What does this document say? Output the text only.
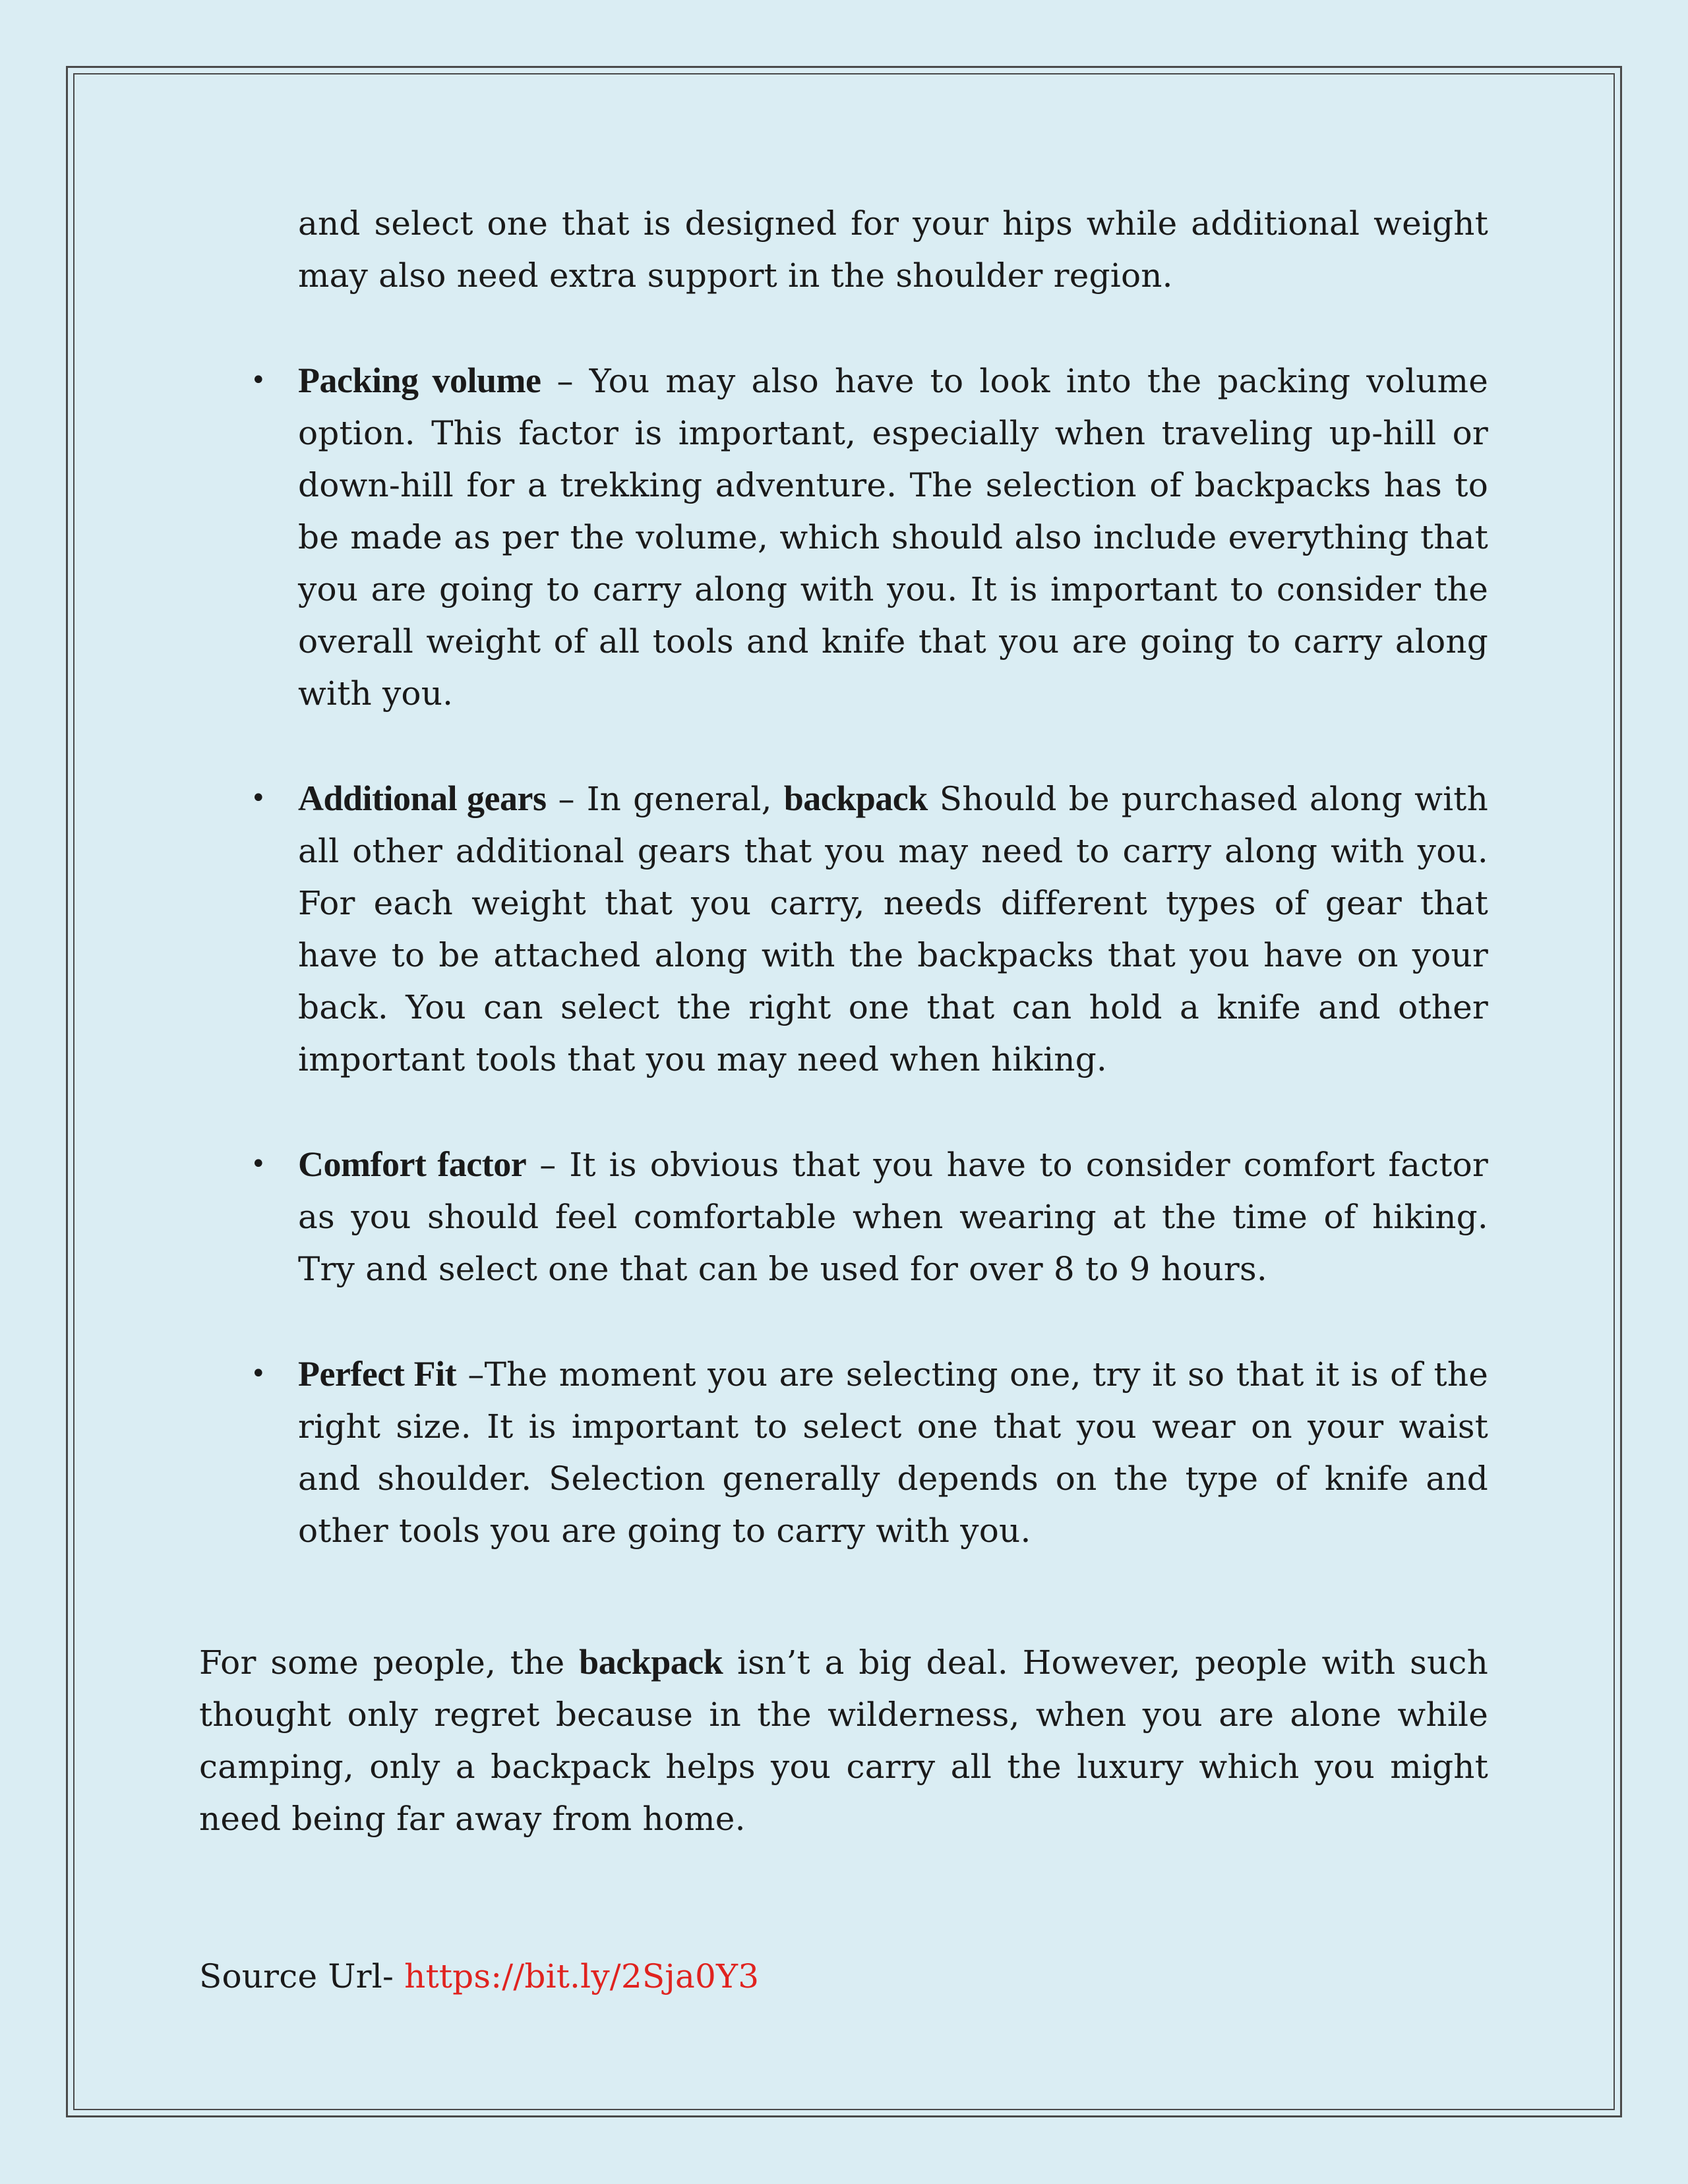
and select one that is designed for your hips while additional weight may also need extra support in the shoulder region.

• Packing volume – You may also have to look into the packing volume option. This factor is important, especially when traveling up-hill or down-hill for a trekking adventure. The selection of backpacks has to be made as per the volume, which should also include everything that you are going to carry along with you. It is important to consider the overall weight of all tools and knife that you are going to carry along with you.
• Additional gears – In general, backpack Should be purchased along with all other additional gears that you may need to carry along with you. For each weight that you carry, needs different types of gear that have to be attached along with the backpacks that you have on your back. You can select the right one that can hold a knife and other important tools that you may need when hiking.
• Comfort factor – It is obvious that you have to consider comfort factor as you should feel comfortable when wearing at the time of hiking. Try and select one that can be used for over 8 to 9 hours.
• Perfect Fit –The moment you are selecting one, try it so that it is of the right size. It is important to select one that you wear on your waist and shoulder. Selection generally depends on the type of knife and other tools you are going to carry with you.

For some people, the backpack isn’t a big deal. However, people with such thought only regret because in the wilderness, when you are alone while camping, only a backpack helps you carry all the luxury which you might need being far away from home.

Source Url- https://bit.ly/2Sja0Y3
